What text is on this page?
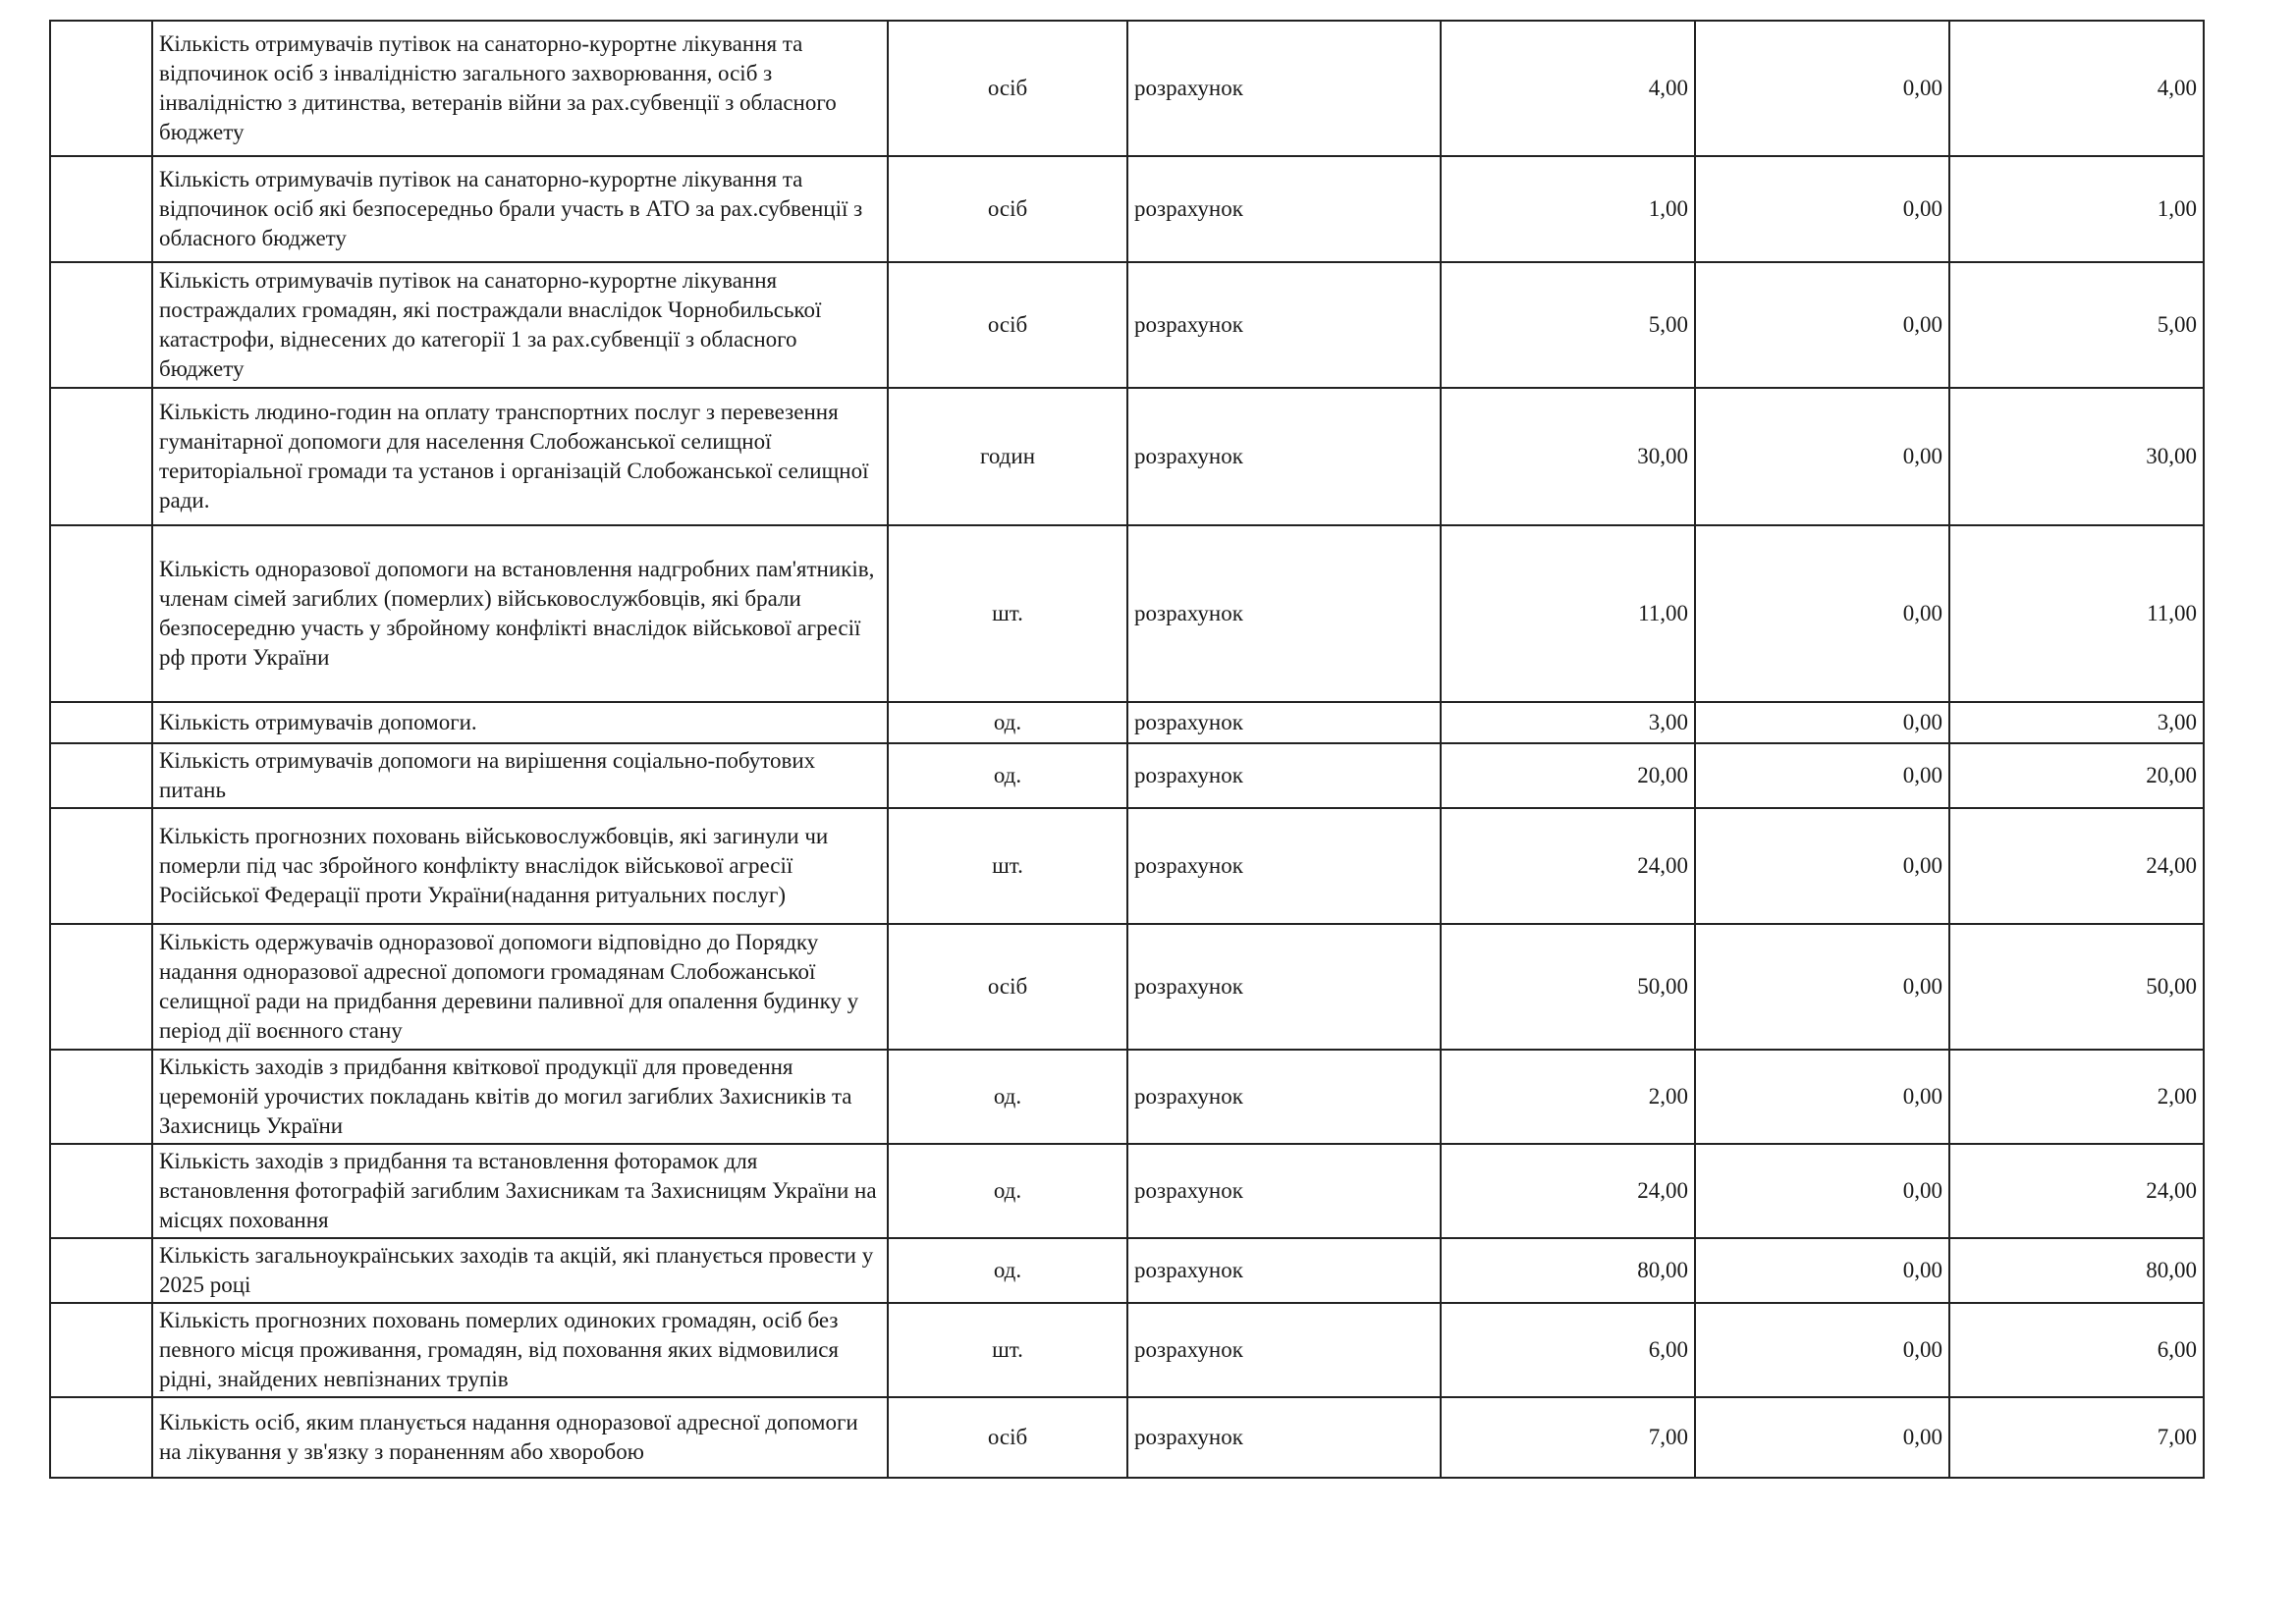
	Кількість отримувачів путівок на санаторно-курортне лікування та відпочинок осіб з інвалідністю загального захворювання, осіб з інвалідністю з дитинства, ветеранів війни за рах.субвенції з обласного бюджету	осіб	розрахунок	4,00	0,00	4,00
	Кількість отримувачів путівок на санаторно-курортне лікування та відпочинок осіб які безпосередньо брали участь в АТО за рах.субвенції з обласного бюджету	осіб	розрахунок	1,00	0,00	1,00
	Кількість отримувачів путівок на санаторно-курортне лікування постраждалих громадян, які постраждали внаслідок Чорнобильської катастрофи, віднесених до категорії 1 за рах.субвенції з обласного бюджету	осіб	розрахунок	5,00	0,00	5,00
	Кількість людино-годин на оплату транспортних послуг з перевезення гуманітарної допомоги для населення Слобожанської селищної територіальної громади та установ і організацій Слобожанської селищної ради.	годин	розрахунок	30,00	0,00	30,00
	Кількість одноразової допомоги на встановлення надгробних пам'ятників, членам сімей загиблих (померлих) військовослужбовців, які брали безпосередню участь у збройному конфлікті внаслідок військової агресії рф проти України	шт.	розрахунок	11,00	0,00	11,00
	Кількість отримувачів допомоги.	од.	розрахунок	3,00	0,00	3,00
	Кількість отримувачів допомоги на вирішення соціально-побутових питань	од.	розрахунок	20,00	0,00	20,00
	Кількість прогнозних поховань військовослужбовців, які загинули чи померли під час збройного конфлікту внаслідок військової агресії Російської Федерації проти України(надання ритуальних послуг)	шт.	розрахунок	24,00	0,00	24,00
	Кількість одержувачів одноразової допомоги відповідно до Порядку надання одноразової адресної допомоги громадянам Слобожанської селищної ради на придбання деревини паливної для опалення будинку у період дії воєнного стану	осіб	розрахунок	50,00	0,00	50,00
	Кількість заходів з придбання квіткової продукції для проведення церемоній урочистих покладань квітів до могил загиблих Захисників та Захисниць України	од.	розрахунок	2,00	0,00	2,00
	Кількість заходів з придбання та встановлення фоторамок для встановлення фотографій загиблим Захисникам та Захисницям України на місцях поховання	од.	розрахунок	24,00	0,00	24,00
	Кількість загальноукраїнських заходів та акцій, які планується провести у 2025 році	од.	розрахунок	80,00	0,00	80,00
	Кількість прогнозних поховань померлих одиноких громадян, осіб без певного місця проживання, громадян, від поховання яких відмовилися рідні, знайдених невпізнаних трупів	шт.	розрахунок	6,00	0,00	6,00
	Кількість осіб, яким планується надання одноразової адресної допомоги на лікування у зв'язку з пораненням або хворобою	осіб	розрахунок	7,00	0,00	7,00
